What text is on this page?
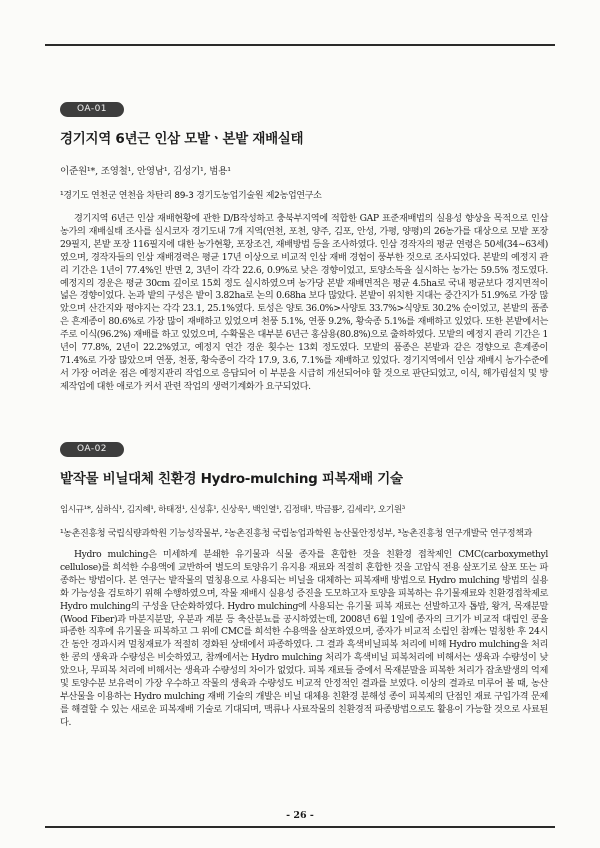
OA-01
경기지역 6년근 인삼 모밭ㆍ본밭 재배실태
이준원¹*, 조영철¹, 안영남¹, 김성기¹, 범용¹
¹경기도 연천군 연천읍 차탄리 89-3 경기도농업기술원 제2농업연구소

경기지역 6년근 인삼 재배현황에 관한 D/B작성하고 충북부지역에 적합한 GAP 표준재배법의 실용성 향상을 목적으로 인삼농가의 재배실태 조사를 실시코자 경기도내 7개 지역(연천, 포천, 양주, 김포, 안성, 가평, 양평)의 26농가를 대상으로 모밭 포장 29필지, 본밭 포장 116필지에 대한 농가현황, 포장조건, 재배방법 등을 조사하였다. 인삼 경작자의 평균 연령은 50세(34~63세)였으며, 경작자들의 인삼 재배경력은 평균 17년 이상으로 비교적 인삼 재배 경험이 풍부한 것으로 조사되었다. 본밭의 예정지 관리 기간은 1년이 77.4%인 반면 2, 3년이 각각 22.6, 0.9%로 낮은 경향이었고, 토양소독을 실시하는 농가는 59.5% 정도였다. 예정지의 경운은 평균 30cm 깊이로 15회 정도 실시하였으며 농가당 본밭 재배면적은 평균 4.5ha로 국내 평균보다 경지면적이 넓은 경향이었다. 논과 밭의 구성은 밭이 3.82ha로 논의 0.68ha 보다 많았다. 본밭이 위치한 지대는 중간지가 51.9%로 가장 많았으며 산간지와 평야지는 각각 23.1, 25.1%였다. 토성은 양토 36.0%>사양토 33.7%>식양토 30.2% 순이었고, 본밭의 품종은 흔계종이 80.6%로 가장 많이 재배하고 있었으며 천풍 5.1%, 연풍 9.2%, 황숙종 5.1%를 재배하고 있었다. 또한 본밭에서는 주로 이식(96.2%) 재배를 하고 있었으며, 수확물은 대부분 6년근 홍삼용(80.8%)으로 출하하였다. 모밭의 예정지 관리 기간은 1년이 77.8%, 2년이 22.2%였고, 예정지 연간 경운 횟수는 13회 정도였다. 모밭의 품종은 본밭과 같은 경향으로 흔계종이 71.4%로 가장 많았으며 연풍, 천풍, 황숙종이 각각 17.9, 3.6, 7.1%를 재배하고 있었다. 경기지역에서 인삼 재배시 농가수준에서 가장 어려운 점은 예정지관리 작업으로 응답되어 이 부분을 시급히 개선되어야 할 것으로 판단되었고, 이식, 해가림설치 및 방제작업에 대한 애로가 커서 관련 작업의 생력기계화가 요구되었다.

OA-02
밭작물 비닐대체 친환경 Hydro-mulching 피복재배 기술
임시규¹*, 심하식¹, 김지혜¹, 하태정¹, 신성휴¹, 신상욱¹, 백인열¹, 김정태¹, 박금룡², 김세리², 오기원³
¹농촌진흥청 국립식량과학원 기능성작물부, ²농촌진흥청 국립농업과학원 농산물안정성부, ³농촌진흥청 연구개발국 연구정책과

Hydro mulching은 미세하게 분쇄한 유기물과 식물 종자를 혼합한 것을 친환경 접착제인 CMC(carboxymethyl cellulose)를 희석한 수용액에 교반하여 별도의 토양유기 유지용 재료와 적절히 혼합한 것을 고압식 전용 살포기로 살포 또는 파종하는 방법이다. 본 연구는 밭작물의 멀칭용으로 사용되는 비닐을 대체하는 피복재배 방법으로 Hydro mulching 방법의 실용화 가능성을 검토하기 위해 수행하였으며, 작물 재배시 실용성 증진을 도모하고자 토양을 피복하는 유기물재료와 친환경접착제로 Hydro mulching의 구성을 단순화하였다. Hydro mulching에 사용되는 유기물 피복 재료는 선발하고자 톱밥, 왕겨, 목재분말(Wood Fiber)과 마분지분말, 우분과 계분 등 축산분뇨를 공시하였는데, 2008년 6월 1일에 종자의 크기가 비교적 대립인 콩을 파종한 직후에 유기물을 피복하고 그 위에 CMC를 희석한 수용액을 살포하였으며, 종자가 비교적 소립인 참깨는 멀칭한 후 24시간 동안 경과시켜 멀칭재료가 적절히 경화된 상태에서 파종하였다. 그 결과 흑색비닐피복 처리에 비해 Hydro mulching을 처리한 콩의 생육과 수량성은 비슷하였고, 참깨에서는 Hydro mulching 처리가 흑색비닐 피복처리에 비해서는 생육과 수량성이 낮았으나, 무피복 처리에 비해서는 생육과 수량성의 차이가 없었다. 피복 재료들 중에서 목재분말을 피복한 처리가 잡초발생의 억제 및 토양수분 보유력이 가장 우수하고 작물의 생육과 수량성도 비교적 안정적인 결과를 보였다. 이상의 결과로 미루어 볼 때, 농산부산물을 이용하는 Hydro mulching 재배 기술의 개발은 비닐 대체용 친환경 분해성 종이 피복제의 단점인 재료 구입가격 문제를 해결할 수 있는 새로운 피복재배 기술로 기대되며, 맥류나 사료작물의 친환경적 파종방법으로도 활용이 가능할 것으로 사료된다.

- 26 -
